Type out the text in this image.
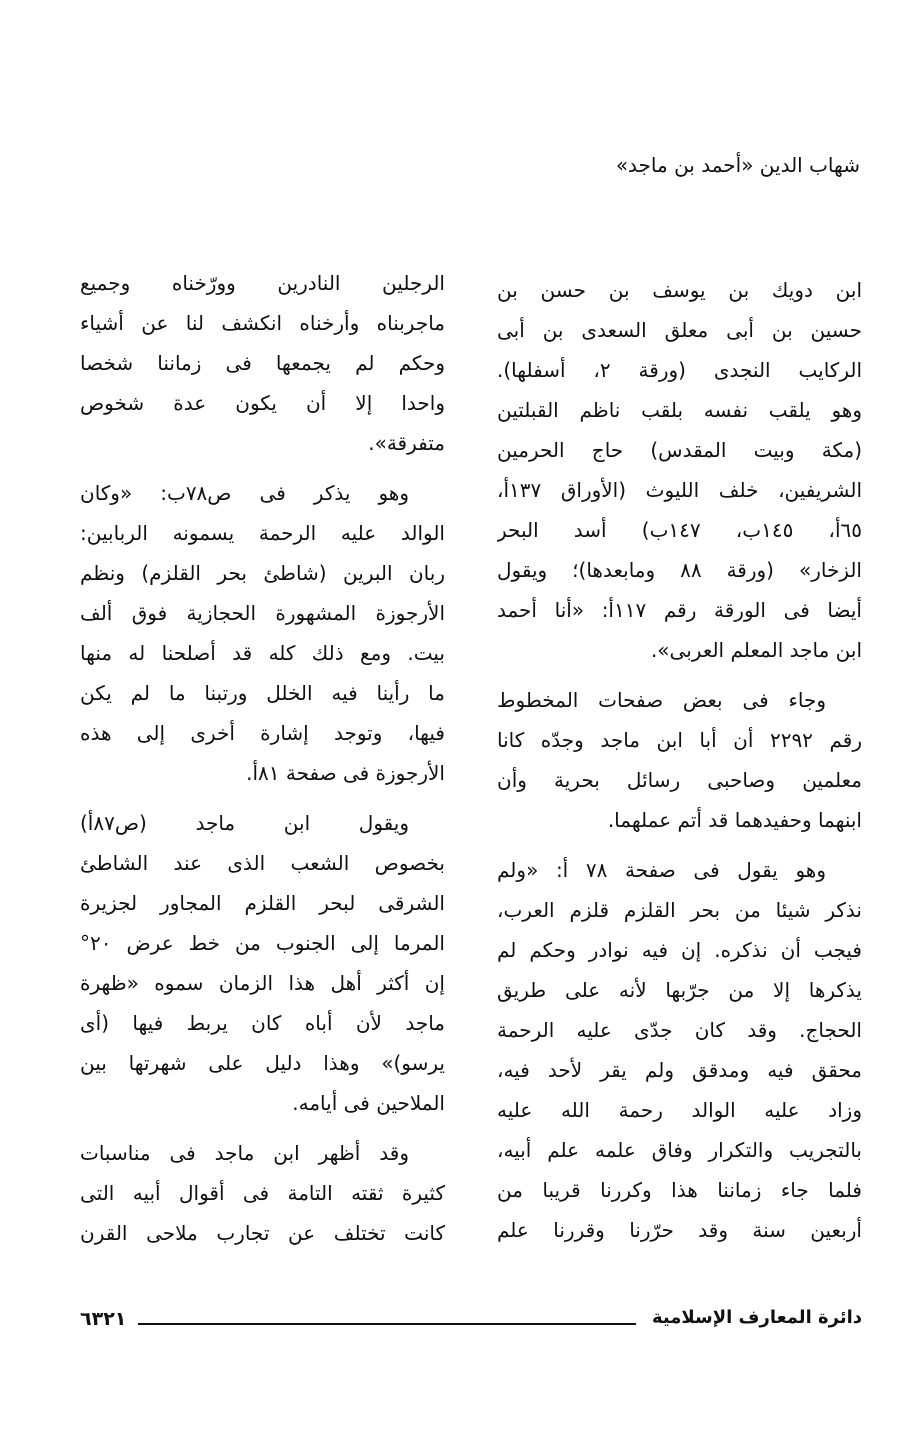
شهاب الدين «أحمد بن ماجد»
ابن دويك بن يوسف بن حسن بن
حسين بن أبى معلق السعدى بن أبى
الركايب النجدى (ورقة ٢، أسفلها).
وهو يلقب نفسه بلقب ناظم القبلتين
(مكة وبيت المقدس) حاج الحرمين
الشريفين، خلف الليوث (الأوراق ١٣٧أ،
٦٥أ، ١٤٥ب، ١٤٧ب) أسد البحر
الزخار» (ورقة ٨٨ ومابعدها)؛ ويقول
أيضا فى الورقة رقم ١١٧أ: «أنا أحمد
ابن ماجد المعلم العربى».
وجاء فى بعض صفحات المخطوط
رقم ٢٢٩٢ أن أبا ابن ماجد وجدّه كانا
معلمين وصاحبى رسائل بحرية وأن
ابنهما وحفيدهما قد أتم عملهما.
وهو يقول فى صفحة ٧٨ أ: «ولم
نذكر شيئا من بحر القلزم قلزم العرب،
فيجب أن نذكره. إن فيه نوادر وحكم لم
يذكرها إلا من جرّبها لأنه على طريق
الحجاج. وقد كان جدّى عليه الرحمة
محقق فيه ومدقق ولم يقر لأحد فيه،
وزاد عليه الوالد رحمة الله عليه
بالتجريب والتكرار وفاق علمه علم أبيه،
فلما جاء زماننا هذا وكررنا قريبا من
أربعين سنة وقد حرّرنا وقررنا علم
الرجلين النادرين وورّخناه وجميع
ماجربناه وأرخناه انكشف لنا عن أشياء
وحكم لم يجمعها فى زماننا شخصا
واحدا إلا أن يكون عدة شخوص
متفرقة».
وهو يذكر فى ص٧٨ب: «وكان
الوالد عليه الرحمة يسمونه الربابين:
ربان البرين (شاطئ بحر القلزم) ونظم
الأرجوزة المشهورة الحجازية فوق ألف
بيت. ومع ذلك كله قد أصلحنا له منها
ما رأينا فيه الخلل ورتبنا ما لم يكن
فيها، وتوجد إشارة أخرى إلى هذه
الأرجوزة فى صفحة ٨١أ.
ويقول ابن ماجد (ص٨٧أ)
بخصوص الشعب الذى عند الشاطئ
الشرقى لبحر القلزم المجاور لجزيرة
المرما إلى الجنوب من خط عرض ٢٠°
إن أكثر أهل هذا الزمان سموه «ظهرة
ماجد لأن أباه كان يربط فيها (أى
يرسو)» وهذا دليل على شهرتها بين
الملاحين فى أيامه.
وقد أظهر ابن ماجد فى مناسبات
كثيرة ثقته التامة فى أقوال أبيه التى
كانت تختلف عن تجارب ملاحى القرن
دائرة المعارف الإسلامية
٦٣٢١
